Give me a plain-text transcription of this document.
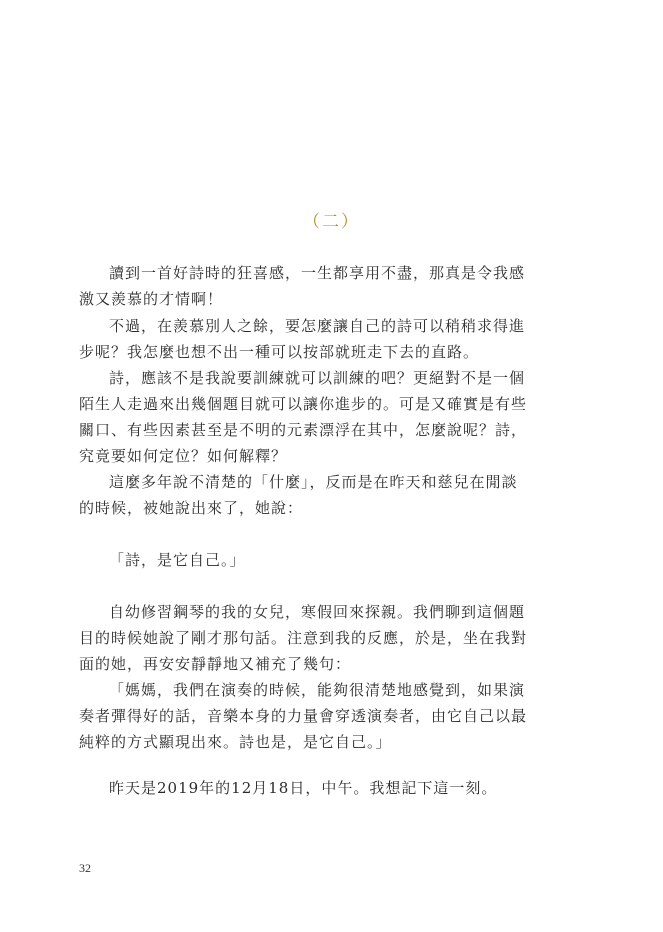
（二）
讀到一首好詩時的狂喜感，一生都享用不盡，那真是令我感
激又羨慕的才情啊！
不過，在羨慕別人之餘，要怎麼讓自己的詩可以稍稍求得進
步呢？我怎麼也想不出一種可以按部就班走下去的直路。
詩，應該不是我說要訓練就可以訓練的吧？更絕對不是一個
陌生人走過來出幾個題目就可以讓你進步的。可是又確實是有些
關口、有些因素甚至是不明的元素漂浮在其中，怎麼說呢？詩，
究竟要如何定位？如何解釋？
這麼多年說不清楚的「什麼」，反而是在昨天和慈兒在閒談
的時候，被她說出來了，她說：
「詩，是它自己。」
自幼修習鋼琴的我的女兒，寒假回來探親。我們聊到這個題
目的時候她說了剛才那句話。注意到我的反應，於是，坐在我對
面的她，再安安靜靜地又補充了幾句：
「媽媽，我們在演奏的時候，能夠很清楚地感覺到，如果演
奏者彈得好的話，音樂本身的力量會穿透演奏者，由它自己以最
純粹的方式顯現出來。詩也是，是它自己。」
昨天是2019年的12月18日，中午。我想記下這一刻。
32
